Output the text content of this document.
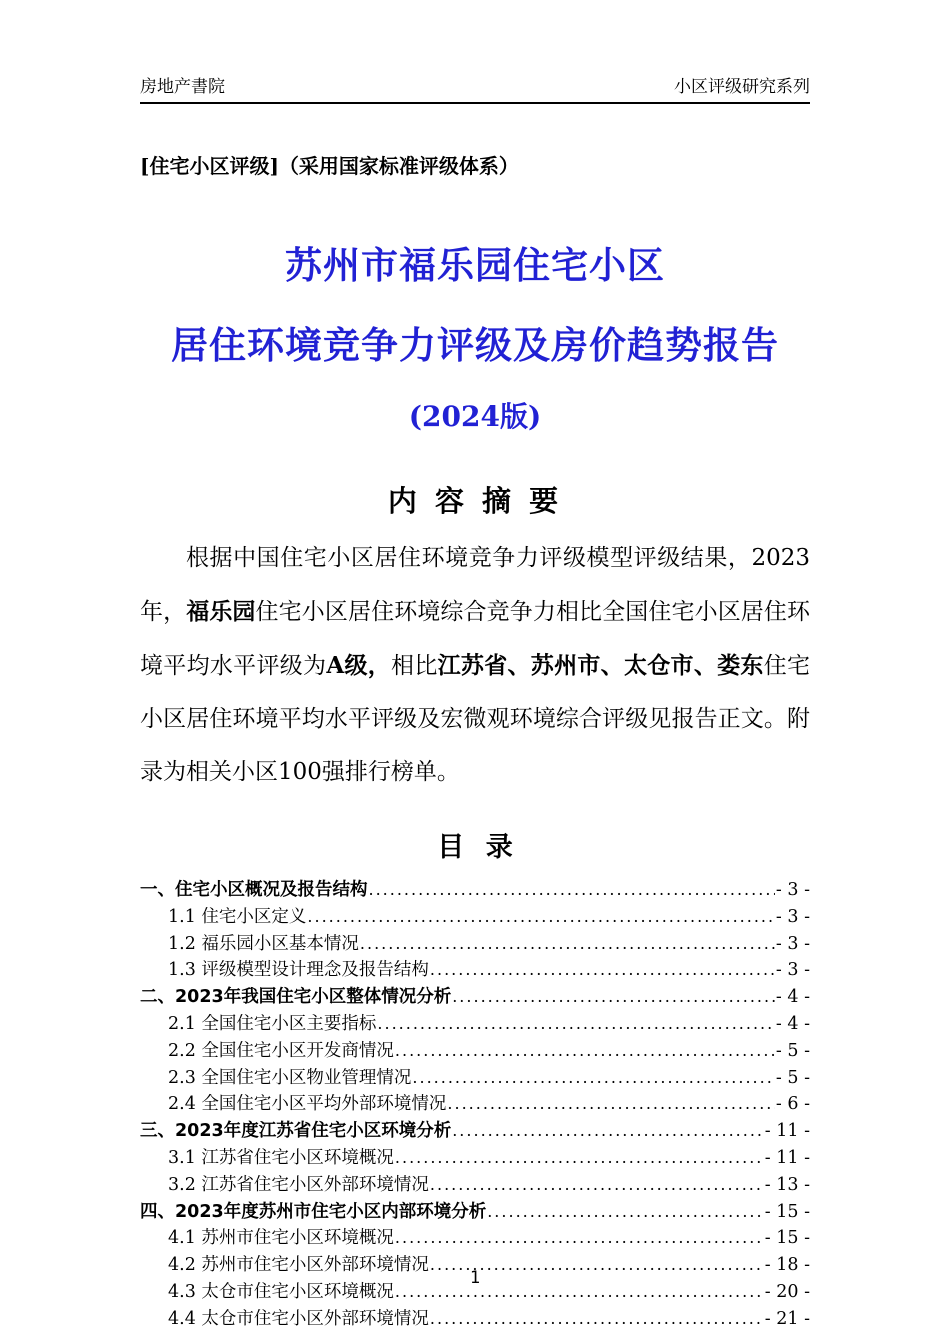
房地产書院	小区评级研究系列
[住宅小区评级]（采用国家标准评级体系）
苏州市福乐园住宅小区
居住环境竞争力评级及房价趋势报告
(2024版)
内 容 摘 要

根据中国住宅小区居住环境竞争力评级模型评级结果，2023年，福乐园住宅小区居住环境综合竞争力相比全国住宅小区居住环境平均水平评级为A级，相比江苏省、苏州市、太仓市、娄东住宅小区居住环境平均水平评级及宏微观环境综合评级见报告正文。附录为相关小区100强排行榜单。

目 录
一、住宅小区概况及报告结构 .....	- 3 -
1.1 住宅小区定义 .....	- 3 -
1.2 福乐园小区基本情况 .....	- 3 -
1.3 评级模型设计理念及报告结构 .....	- 3 -
二、2023年我国住宅小区整体情况分析 .....	- 4 -
2.1 全国住宅小区主要指标 .....	- 4 -
2.2 全国住宅小区开发商情况 .....	- 5 -
2.3 全国住宅小区物业管理情况 .....	- 5 -
2.4 全国住宅小区平均外部环境情况 .....	- 6 -
三、2023年度江苏省住宅小区环境分析 .....	- 11 -
3.1 江苏省住宅小区环境概况 .....	- 11 -
3.2 江苏省住宅小区外部环境情况 .....	- 13 -
四、2023年度苏州市住宅小区内部环境分析 .....	- 15 -
4.1 苏州市住宅小区环境概况 .....	- 15 -
4.2 苏州市住宅小区外部环境情况 .....	- 18 -
4.3 太仓市住宅小区环境概况 .....	- 20 -
4.4 太仓市住宅小区外部环境情况 .....	- 21 -
1
